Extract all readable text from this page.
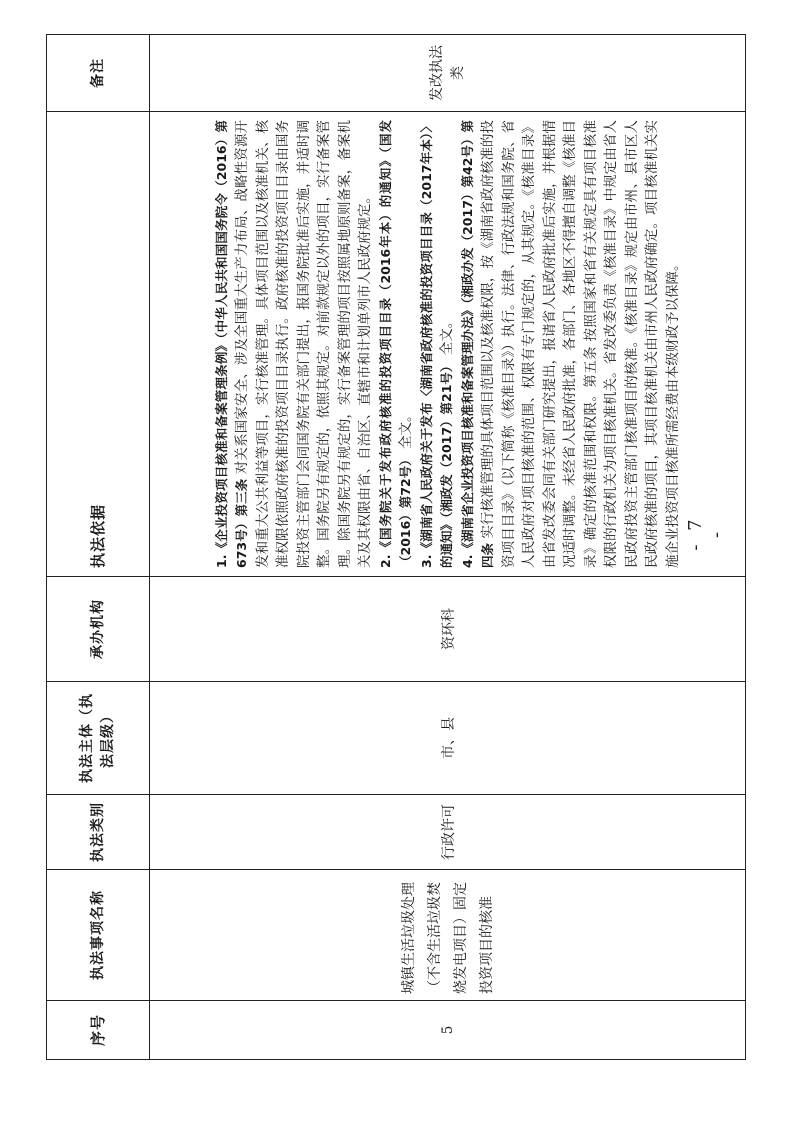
序号	执法事项名称	执法类别	执法主体（执法层级）	承办机构	执法依据	备注
5	城镇生活垃圾处理（不含生活垃圾焚烧发电项目）固定投资项目的核准	行政许可	市、县	资环科	1.《企业投资项目核准和备案管理条例》（中华人民共和国国务院令（2016）第673号）第三条 对关系国家安全、涉及全国重大生产力布局、战略性资源开发和重大公共利益等项目，实行核准管理。具体项目范围以及核准机关、核准权限依照政府核准的投资项目目录执行。政府核准的投资项目目录由国务院投资主管部门会同国务院有关部门提出，报国务院批准后实施，并适时调整。国务院另有规定的，依照其规定。对前款规定以外的项目，实行备案管理。除国务院另有规定的，实行备案管理的项目按照属地原则备案，备案机关及其权限由省、自治区、直辖市和计划单列市人民政府规定。 2.《国务院关于发布政府核准的投资项目目录（2016年本）的通知》（国发（2016）第72号） 全文。 3.《湖南省人民政府关于发布〈湖南省政府核准的投资项目目录（2017年本）〉的通知》（湘政发（2017）第21号） 全文。 4.《湖南省企业投资项目核准和备案管理办法》（湘政办发（2017）第42号）第四条 实行核准管理的具体项目范围以及核准权限，按《湖南省政府核准的投资项目目录》（以下简称《核准目录》）执行。法律、行政法规和国务院、省人民政府对项目核准的范围、权限有专门规定的，从其规定。《核准目录》由省发改委会同有关部门研究提出，报请省人民政府批准后实施，并根据情况适时调整。未经省人民政府批准，各部门、各地区不得擅自调整《核准目录》确定的核准范围和权限。第五条 按照国家和省有关规定具有项目核准权限的行政机关为项目核准机关。省发改委负责《核准目录》中规定由省人民政府投资主管部门核准项目的核准。《核准目录》规定由市州、县市区人民政府核准的项目，其项目核准机关由市州人民政府确定。项目核准机关实施企业投资项目核准所需经费由本级财政予以保障。	发改执法类
- 7 -
